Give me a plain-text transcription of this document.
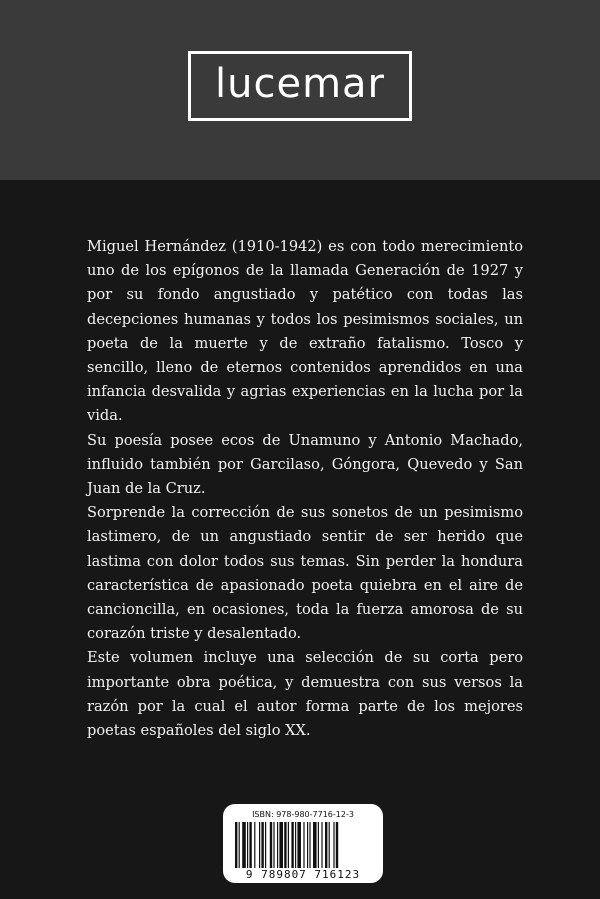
lucemar

Miguel Hernández (1910-1942) es con todo merecimiento uno de los epígonos de la llamada Generación de 1927 y por su fondo angustiado y patético con todas las decepciones humanas y todos los pesimismos sociales, un poeta de la muerte y de extraño fatalismo. Tosco y sencillo, lleno de eternos contenidos aprendidos en una infancia desvalida y agrias experiencias en la lucha por la vida.

Su poesía posee ecos de Unamuno y Antonio Machado, influido también por Garcilaso, Góngora, Quevedo y San Juan de la Cruz.

Sorprende la corrección de sus sonetos de un pesimismo lastimero, de un angustiado sentir de ser herido que lastima con dolor todos sus temas. Sin perder la hondura característica de apasionado poeta quiebra en el aire de cancioncilla, en ocasiones, toda la fuerza amorosa de su corazón triste y desalentado.

Este volumen incluye una selección de su corta pero importante obra poética, y demuestra con sus versos la razón por la cual el autor forma parte de los mejores poetas españoles del siglo XX.

ISBN: 978-980-7716-12-3
9 789807 716123
